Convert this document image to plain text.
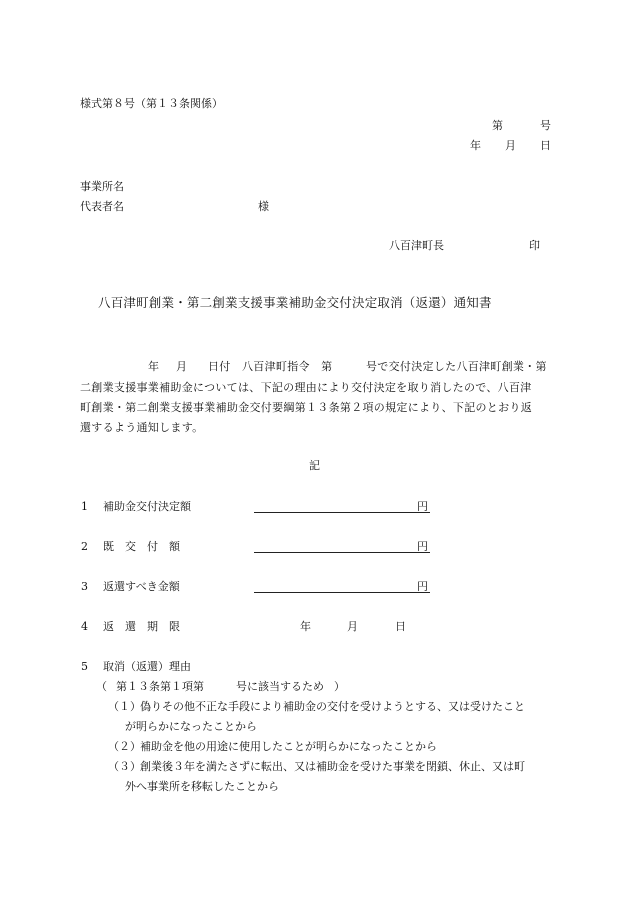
様式第８号（第１３条関係）
第	号
年 月 日
事業所名
代表者名	様
八百津町長	印
八百津町創業・第二創業支援事業補助金交付決定取消（返還）通知書
年 月 日付 八百津町指令　第	号で交付決定した八百津町創業・第
二創業支援事業補助金については、下記の理由により交付決定を取り消したので、八百津
町創業・第二創業支援事業補助金交付要綱第１３条第２項の規定により、下記のとおり返
還するよう通知します。
記
1 補助金交付決定額	円
2 既　交　付　額	円
3 返還すべき金額	円
4 返　還　期　限	年	月	日
5 取消（返還）理由
（ 第１３条第１項第	号に該当するため ）
（１） 偽りその他不正な手段により補助金の交付を受けようとする、又は受けたこと
が明らかになったことから
（２） 補助金を他の用途に使用したことが明らかになったことから
（３） 創業後３年を満たさずに転出、又は補助金を受けた事業を閉鎖、休止、又は町
外へ事業所を移転したことから
